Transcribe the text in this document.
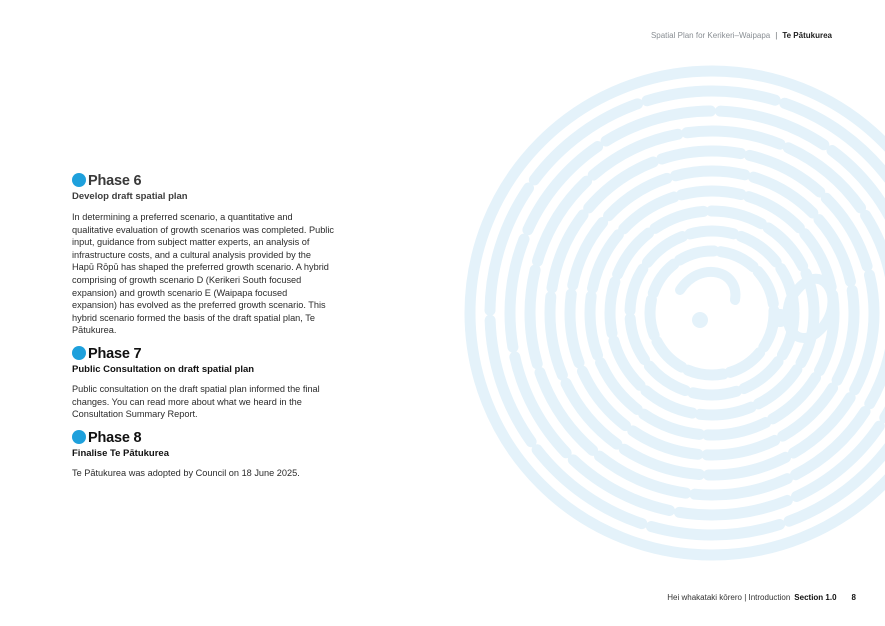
Spatial Plan for Kerikeri–Waipapa | Te Pātukurea
Phase 6
Develop draft spatial plan
In determining a preferred scenario, a quantitative and qualitative evaluation of growth scenarios was completed. Public input, guidance from subject matter experts, an analysis of infrastructure costs, and a cultural analysis provided by the Hapū Rōpū has shaped the preferred growth scenario. A hybrid comprising of growth scenario D (Kerikeri South focused expansion) and growth scenario E (Waipapa focused expansion) has evolved as the preferred growth scenario. This hybrid scenario formed the basis of the draft spatial plan, Te Pātukurea.
Phase 7
Public Consultation on draft spatial plan
Public consultation on the draft spatial plan informed the final changes. You can read more about what we heard in the Consultation Summary Report.
Phase 8
Finalise Te Pātukurea
Te Pātukurea was adopted by Council on 18 June 2025.
Hei whakataki kōrero | Introduction Section 1.0 8
